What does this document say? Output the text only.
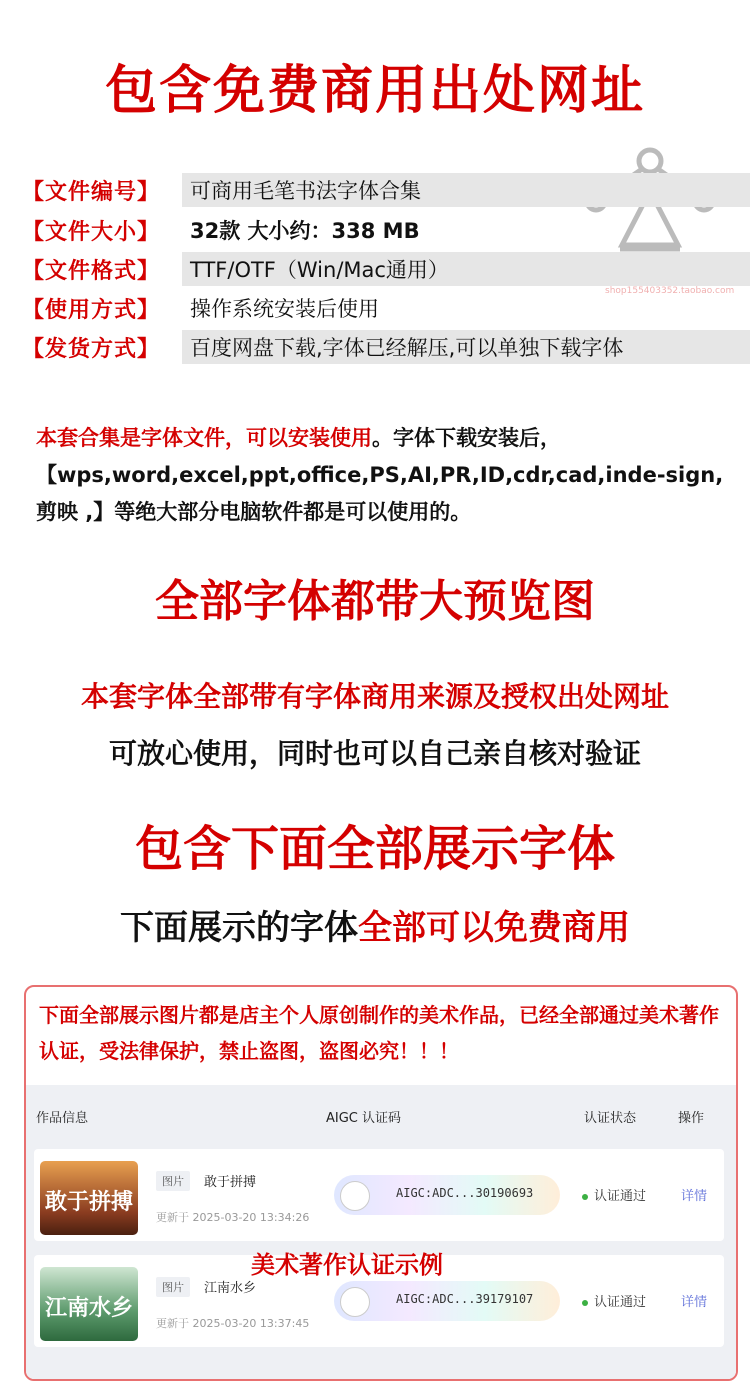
包含免费商用出处网址
shop155403352.taobao.com
【文件编号】	可商用毛笔书法字体合集
【文件大小】	32款 大小约：338 MB
【文件格式】	TTF/OTF（Win/Mac通用）
【使用方式】	操作系统安装后使用
【发货方式】	百度网盘下载,字体已经解压,可以单独下载字体
本套合集是字体文件，可以安装使用。字体下载安装后，【wps,word,excel,ppt,office,PS,AI,PR,ID,cdr,cad,inde-sign, 剪映 ,】等绝大部分电脑软件都是可以使用的。
全部字体都带大预览图
本套字体全部带有字体商用来源及授权出处网址
可放心使用，同时也可以自己亲自核对验证
包含下面全部展示字体
下面展示的字体全部可以免费商用
下面全部展示图片都是店主个人原创制作的美术作品，已经全部通过美术著作认证，受法律保护，禁止盗图，盗图必究！！！
作品信息	AIGC 认证码	认证状态	操作
敢于拼搏
图片	敢于拼搏
更新于 2025-03-20 13:34:26
AIGC:ADC...30190693	认证通过	详情
江南水乡
图片	江南水乡
更新于 2025-03-20 13:37:45
AIGC:ADC...39179107	认证通过	详情
美术著作认证示例
